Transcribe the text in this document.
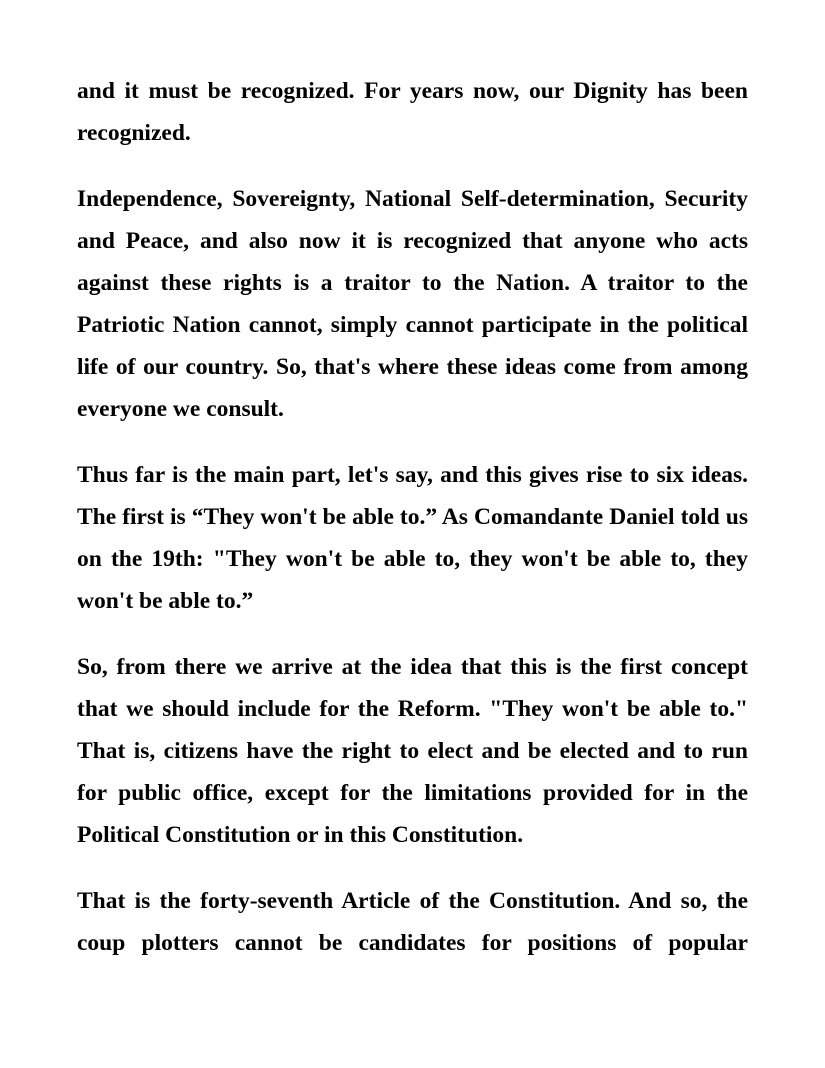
and it must be recognized. For years now, our Dignity has been recognized.

Independence, Sovereignty, National Self-determination, Security and Peace, and also now it is recognized that anyone who acts against these rights is a traitor to the Nation. A traitor to the Patriotic Nation cannot, simply cannot participate in the political life of our country. So, that's where these ideas come from among everyone we consult.

Thus far is the main part, let's say, and this gives rise to six ideas. The first is “They won't be able to.” As Comandante Daniel told us on the 19th: "They won't be able to, they won't be able to, they won't be able to.”

So, from there we arrive at the idea that this is the first concept that we should include for the Reform. "They won't be able to." That is, citizens have the right to elect and be elected and to run for public office, except for the limitations provided for in the Political Constitution or in this Constitution.

That is the forty-seventh Article of the Constitution. And so, the coup plotters cannot be candidates for positions of popular
